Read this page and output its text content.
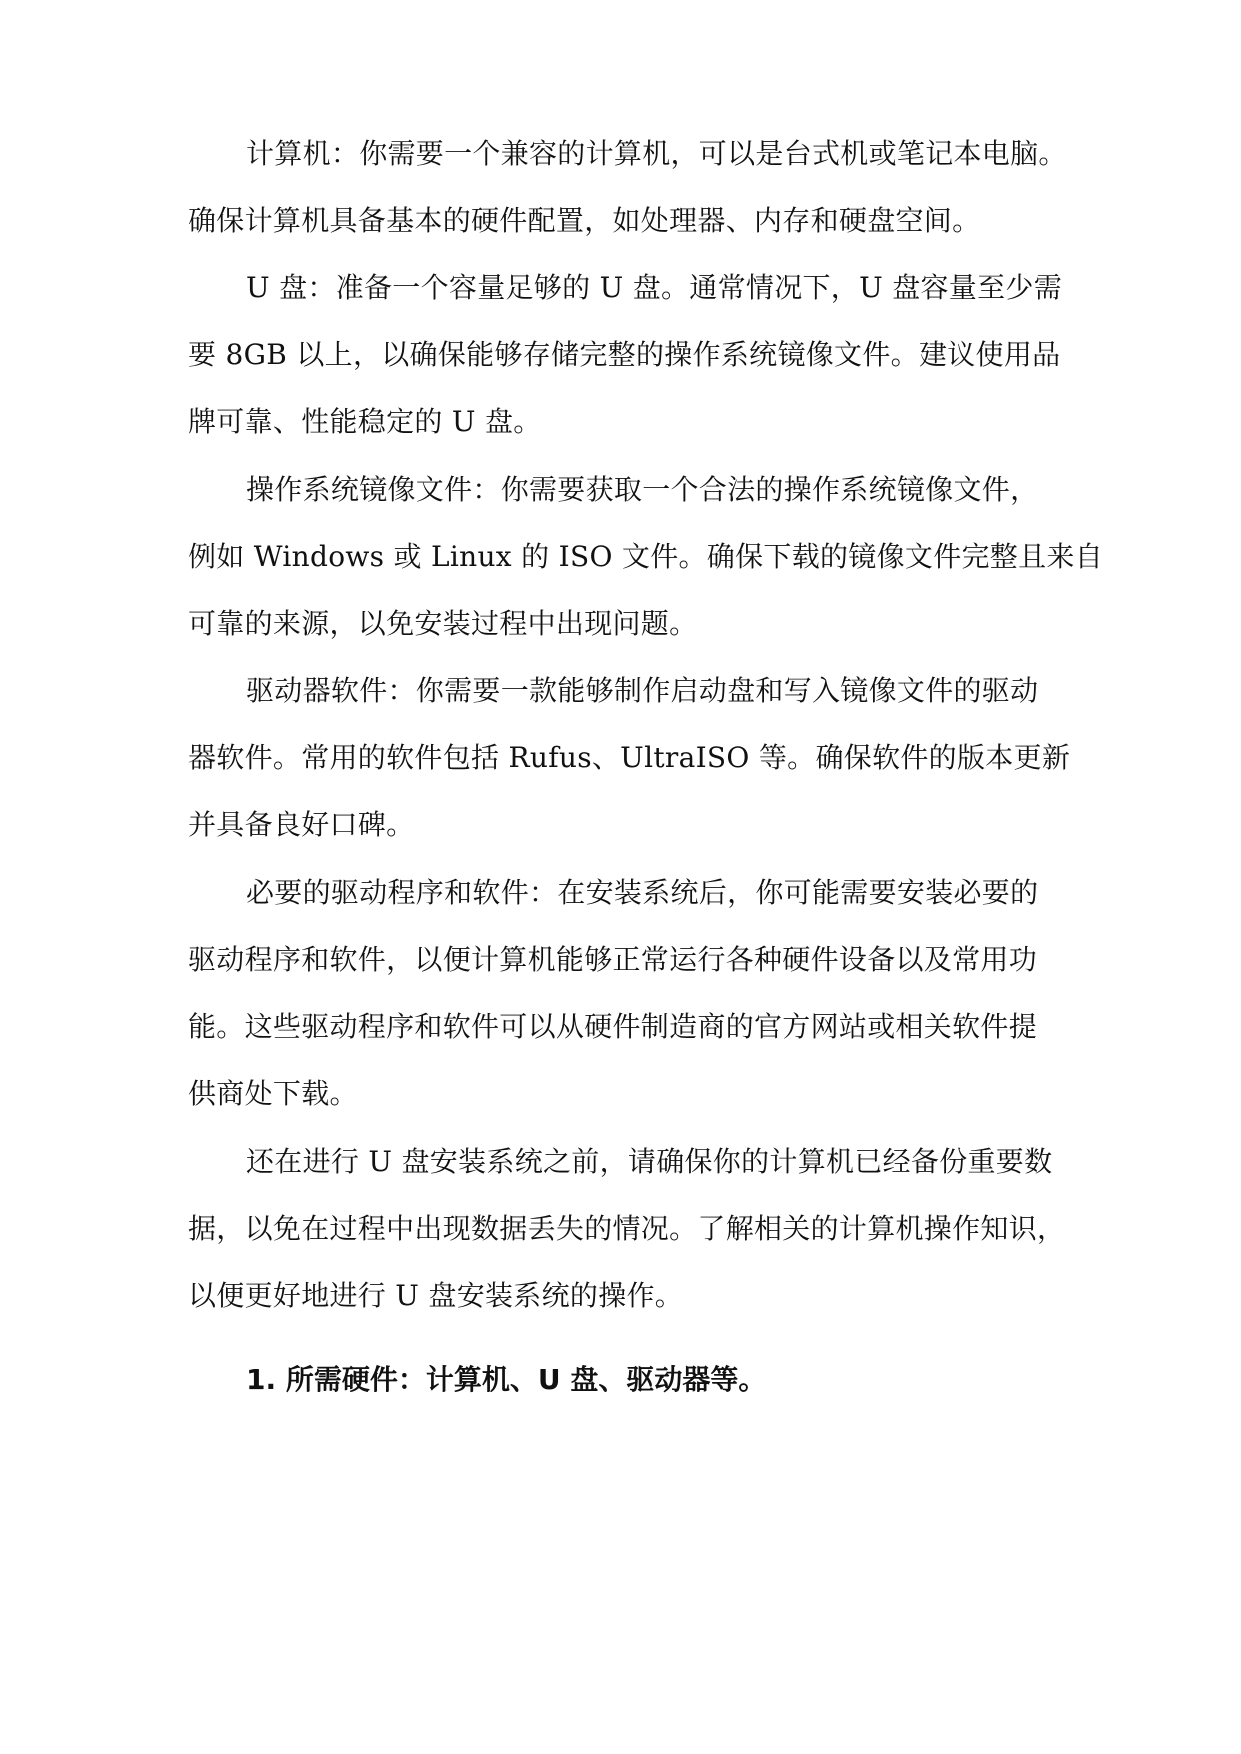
计算机：你需要一个兼容的计算机，可以是台式机或笔记本电脑。
确保计算机具备基本的硬件配置，如处理器、内存和硬盘空间。
U 盘：准备一个容量足够的 U 盘。通常情况下，U 盘容量至少需
要 8GB 以上，以确保能够存储完整的操作系统镜像文件。建议使用品
牌可靠、性能稳定的 U 盘。
操作系统镜像文件：你需要获取一个合法的操作系统镜像文件，
例如 Windows 或 Linux 的 ISO 文件。确保下载的镜像文件完整且来自
可靠的来源，以免安装过程中出现问题。
驱动器软件：你需要一款能够制作启动盘和写入镜像文件的驱动
器软件。常用的软件包括 Rufus、UltraISO 等。确保软件的版本更新
并具备良好口碑。
必要的驱动程序和软件：在安装系统后，你可能需要安装必要的
驱动程序和软件，以便计算机能够正常运行各种硬件设备以及常用功
能。这些驱动程序和软件可以从硬件制造商的官方网站或相关软件提
供商处下载。
还在进行 U 盘安装系统之前，请确保你的计算机已经备份重要数
据，以免在过程中出现数据丢失的情况。了解相关的计算机操作知识，
以便更好地进行 U 盘安装系统的操作。
1. 所需硬件：计算机、U 盘、驱动器等。
